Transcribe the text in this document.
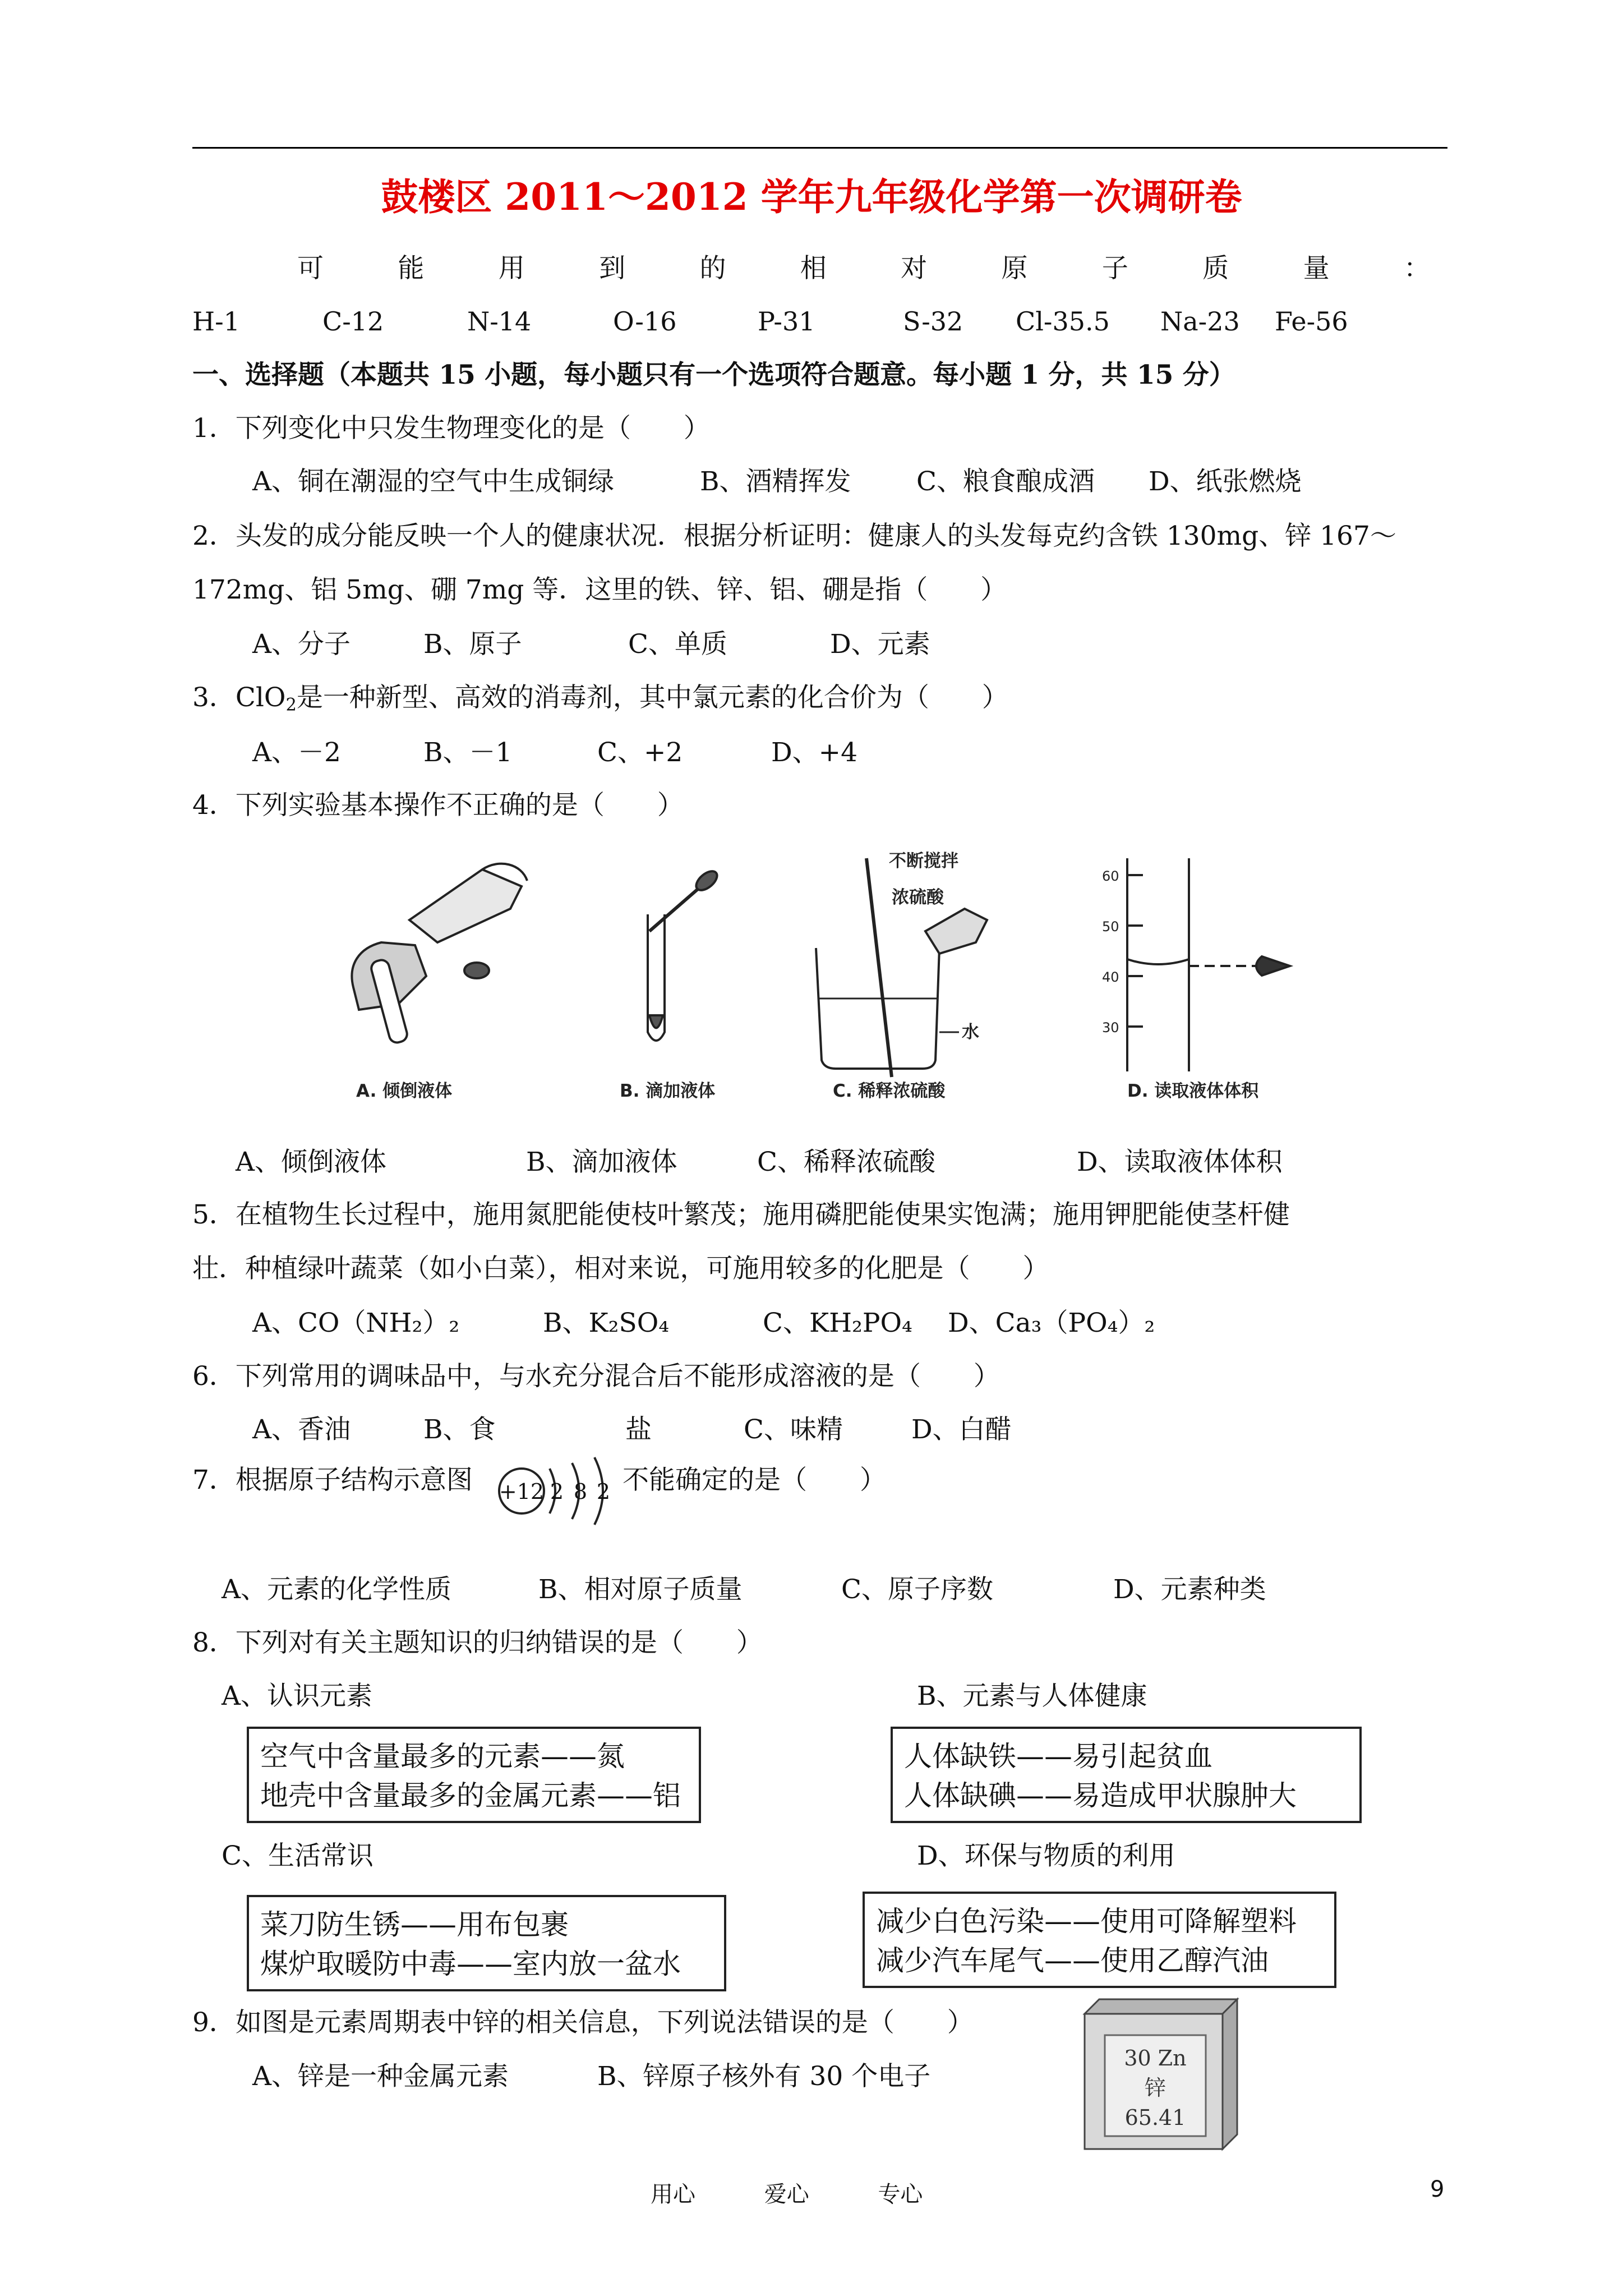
鼓楼区 2011～2012 学年九年级化学第一次调研卷
可	能	用	到	的	相	对	原	子	质	量	：
H-1	C-12	N-14	O-16	P-31	S-32 Cl-35.5 Na-23 Fe-56
一、选择题（本题共 15 小题，每小题只有一个选项符合题意。每小题 1 分，共 15 分）
1．下列变化中只发生物理变化的是（　　）
A、铜在潮湿的空气中生成铜绿	B、酒精挥发 C、粮食酿成酒 D、纸张燃烧
2．头发的成分能反映一个人的健康状况．根据分析证明：健康人的头发每克约含铁 130mg、锌 167～
172mg、铝 5mg、硼 7mg 等．这里的铁、锌、铝、硼是指（　　）
A、分子	B、原子	C、单质	D、元素
3．ClO$_2$是一种新型、高效的消毒剂，其中氯元素的化合价为（　　）
A、－2	B、－1	C、+2	D、+4
4．下列实验基本操作不正确的是（　　）
A. 倾倒液体	B. 滴加液体
不断搅拌
浓硫酸
水
C. 稀释浓硫酸
60
50
40
30
D. 读取液体体积
A、倾倒液体	B、滴加液体	C、稀释浓硫酸	D、读取液体体积
5．在植物生长过程中，施用氮肥能使枝叶繁茂；施用磷肥能使果实饱满；施用钾肥能使茎杆健
壮．种植绿叶蔬菜（如小白菜），相对来说，可施用较多的化肥是（　　）
A、CO（NH₂）₂	B、K₂SO₄	C、KH₂PO₄ D、Ca₃（PO₄）₂
6．下列常用的调味品中，与水充分混合后不能形成溶液的是（　　）
A、香油	B、食	盐	C、味精	D、白醋
7．根据原子结构示意图 +12 2 8 2 不能确定的是（　　）
A、元素的化学性质	B、相对原子质量	C、原子序数	D、元素种类
8．下列对有关主题知识的归纳错误的是（　　）
A、认识元素	B、元素与人体健康
空气中含量最多的元素——氮
地壳中含量最多的金属元素——铝
人体缺铁——易引起贫血
人体缺碘——易造成甲状腺肿大
C、生活常识	D、环保与物质的利用
菜刀防生锈——用布包裹
煤炉取暖防中毒——室内放一盆水
减少白色污染——使用可降解塑料
减少汽车尾气——使用乙醇汽油
9．如图是元素周期表中锌的相关信息，下列说法错误的是（　　）
A、锌是一种金属元素	B、锌原子核外有 30 个电子
30 Zn
锌
65.41
用心	爱心	专心	9
